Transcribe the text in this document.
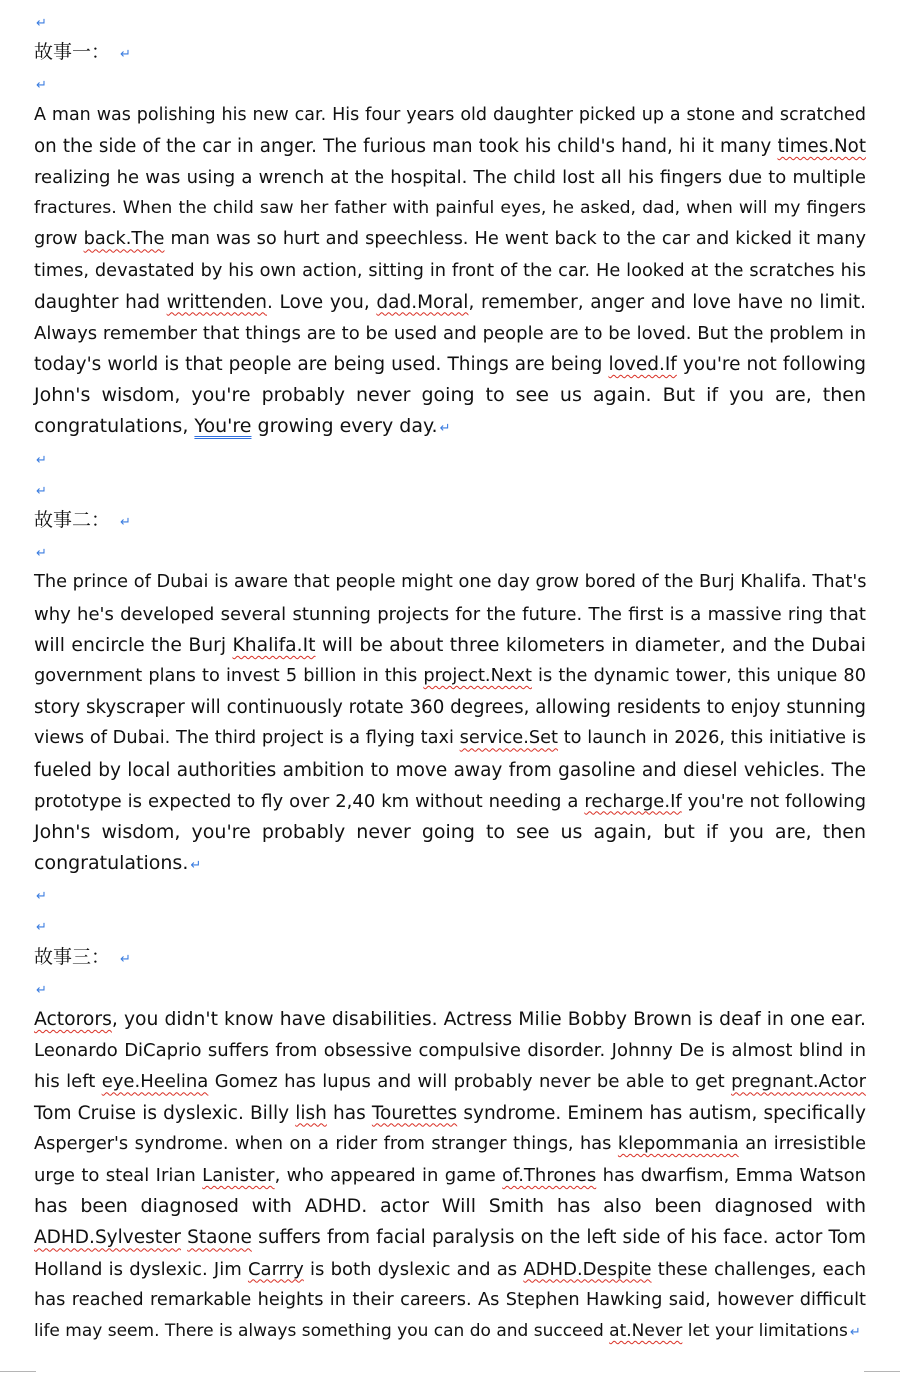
↵
故事一： ↵
↵
A man was polishing his new car. His four years old daughter picked up a stone and scratched
on the side of the car in anger. The furious man took his child's hand, hi it many times.Not
realizing he was using a wrench at the hospital. The child lost all his fingers due to multiple
fractures. When the child saw her father with painful eyes, he asked, dad, when will my fingers
grow back.The man was so hurt and speechless. He went back to the car and kicked it many
times, devastated by his own action, sitting in front of the car. He looked at the scratches his
daughter had writtenden. Love you, dad.Moral, remember, anger and love have no limit.
Always remember that things are to be used and people are to be loved. But the problem in
today's world is that people are being used. Things are being loved.If you're not following
John's wisdom, you're probably never going to see us again. But if you are, then
congratulations, You're growing every day. ↵
↵
↵
故事二： ↵
↵
The prince of Dubai is aware that people might one day grow bored of the Burj Khalifa. That's
why he's developed several stunning projects for the future. The first is a massive ring that
will encircle the Burj Khalifa.It will be about three kilometers in diameter, and the Dubai
government plans to invest 5 billion in this project.Next is the dynamic tower, this unique 80
story skyscraper will continuously rotate 360 degrees, allowing residents to enjoy stunning
views of Dubai. The third project is a flying taxi service.Set to launch in 2026, this initiative is
fueled by local authorities ambition to move away from gasoline and diesel vehicles. The
prototype is expected to fly over 2,40 km without needing a recharge.If you're not following
John's wisdom, you're probably never going to see us again, but if you are, then
congratulations. ↵
↵
↵
故事三： ↵
↵
Actorors, you didn't know have disabilities. Actress Milie Bobby Brown is deaf in one ear.
Leonardo DiCaprio suffers from obsessive compulsive disorder. Johnny De is almost blind in
his left eye.Heelina Gomez has lupus and will probably never be able to get pregnant.Actor
Tom Cruise is dyslexic. Billy lish has Tourettes syndrome. Eminem has autism, specifically
Asperger's syndrome. when on a rider from stranger things, has klepommania an irresistible
urge to steal Irian Lanister, who appeared in game of.Thrones has dwarfism, Emma Watson
has been diagnosed with ADHD. actor Will Smith has also been diagnosed with
ADHD.Sylvester Staone suffers from facial paralysis on the left side of his face. actor Tom
Holland is dyslexic. Jim Carrry is both dyslexic and as ADHD.Despite these challenges, each
has reached remarkable heights in their careers. As Stephen Hawking said, however difficult
life may seem. There is always something you can do and succeed at.Never let your limitations ↵
